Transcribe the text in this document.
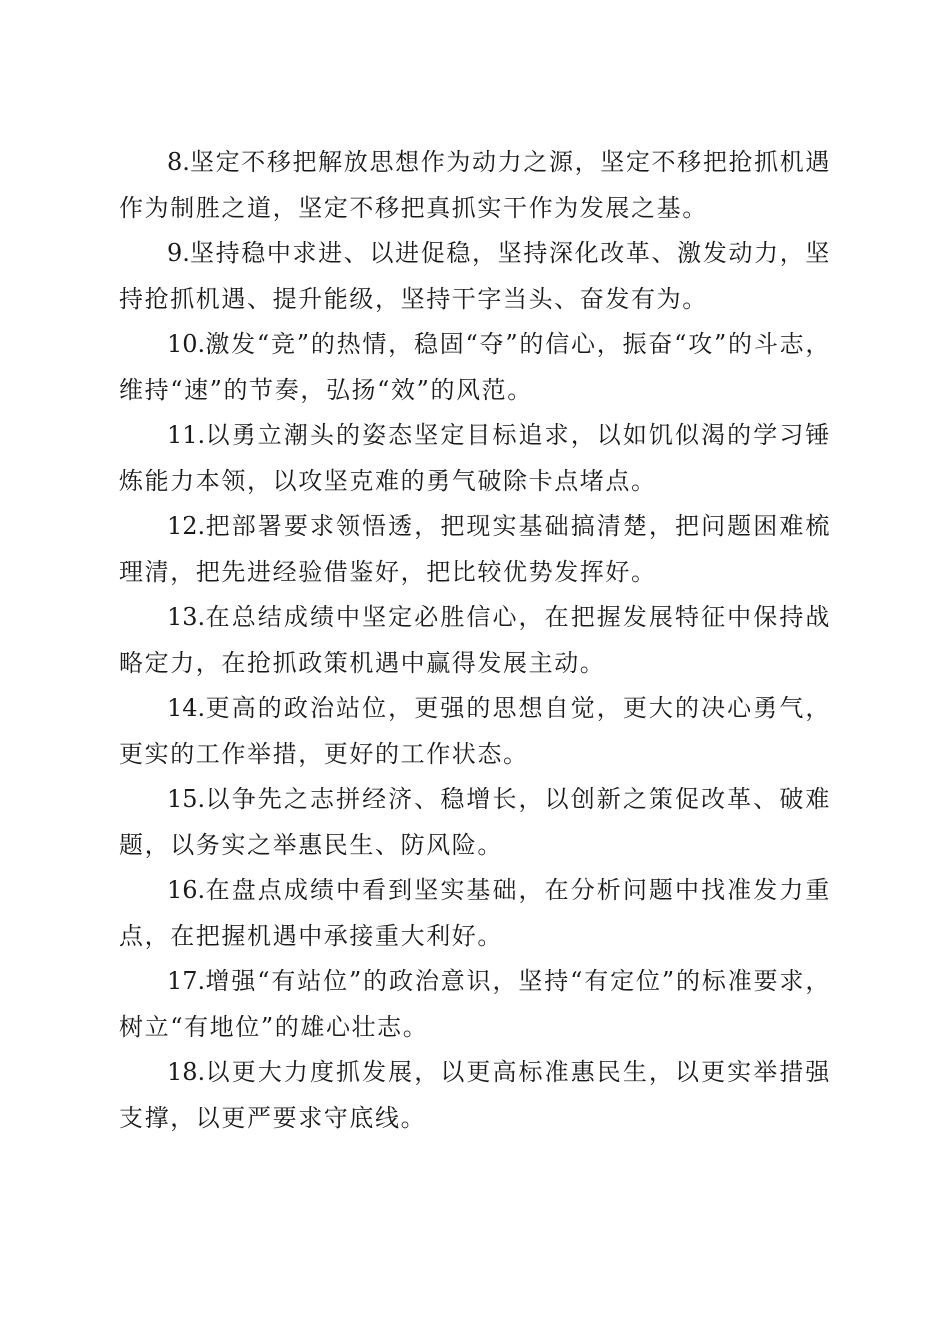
8.坚定不移把解放思想作为动力之源，坚定不移把抢抓机遇作为制胜之道，坚定不移把真抓实干作为发展之基。

9.坚持稳中求进、以进促稳，坚持深化改革、激发动力，坚持抢抓机遇、提升能级，坚持干字当头、奋发有为。

10.激发“竞”的热情，稳固“夺”的信心，振奋“攻”的斗志，维持“速”的节奏，弘扬“效”的风范。

11.以勇立潮头的姿态坚定目标追求，以如饥似渴的学习锤炼能力本领，以攻坚克难的勇气破除卡点堵点。

12.把部署要求领悟透，把现实基础搞清楚，把问题困难梳理清，把先进经验借鉴好，把比较优势发挥好。

13.在总结成绩中坚定必胜信心，在把握发展特征中保持战略定力，在抢抓政策机遇中赢得发展主动。

14.更高的政治站位，更强的思想自觉，更大的决心勇气，更实的工作举措，更好的工作状态。

15.以争先之志拼经济、稳增长，以创新之策促改革、破难题，以务实之举惠民生、防风险。

16.在盘点成绩中看到坚实基础，在分析问题中找准发力重点，在把握机遇中承接重大利好。

17.增强“有站位”的政治意识，坚持“有定位”的标准要求，树立“有地位”的雄心壮志。

18.以更大力度抓发展，以更高标准惠民生，以更实举措强支撑，以更严要求守底线。
